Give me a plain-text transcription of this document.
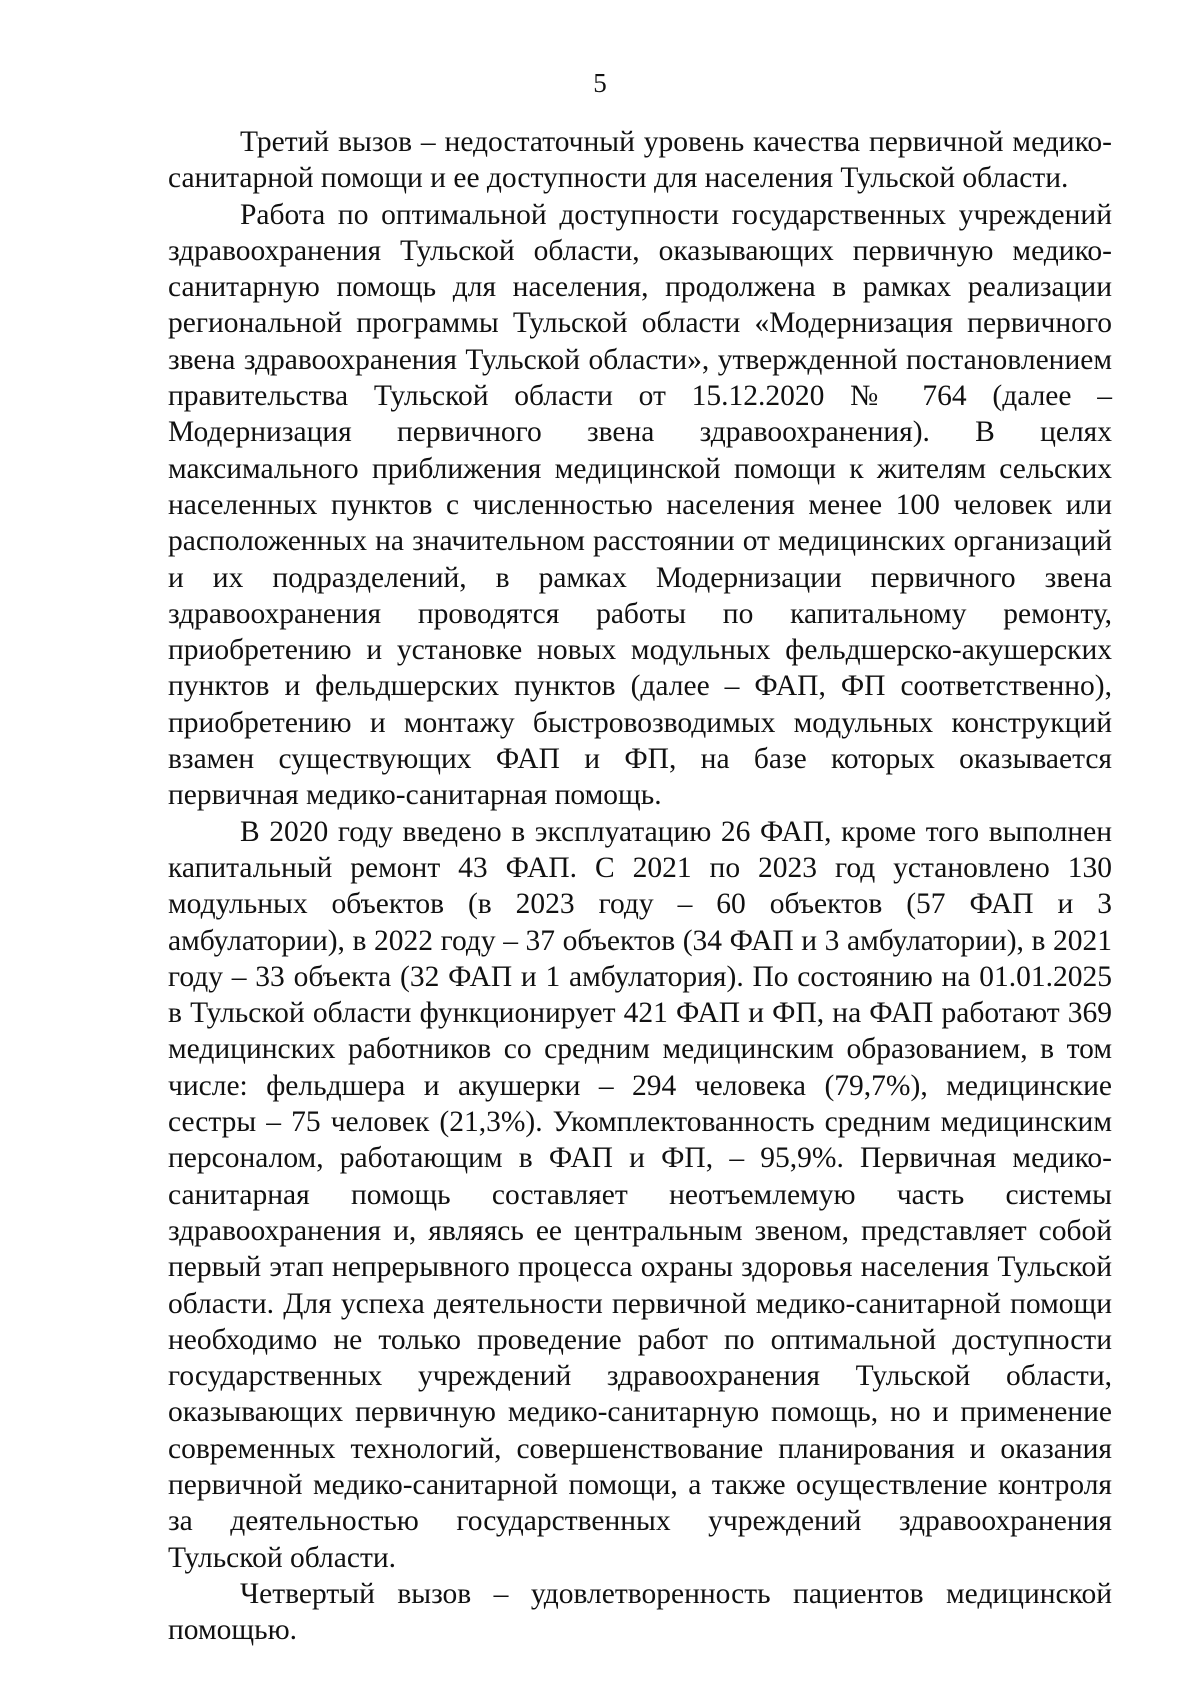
5

Третий вызов – недостаточный уровень качества первичной медико-санитарной помощи и ее доступности для населения Тульской области.

Работа по оптимальной доступности государственных учреждений здравоохранения Тульской области, оказывающих первичную медико-санитарную помощь для населения, продолжена в рамках реализации региональной программы Тульской области «Модернизация первичного звена здравоохранения Тульской области», утвержденной постановлением правительства Тульской области от 15.12.2020 № 764 (далее – Модернизация первичного звена здравоохранения). В целях максимального приближения медицинской помощи к жителям сельских населенных пунктов с численностью населения менее 100 человек или расположенных на значительном расстоянии от медицинских организаций и их подразделений, в рамках Модернизации первичного звена здравоохранения проводятся работы по капитальному ремонту, приобретению и установке новых модульных фельдшерско-акушерских пунктов и фельдшерских пунктов (далее – ФАП, ФП соответственно), приобретению и монтажу быстровозводимых модульных конструкций взамен существующих ФАП и ФП, на базе которых оказывается первичная медико-санитарная помощь.

В 2020 году введено в эксплуатацию 26 ФАП, кроме того выполнен капитальный ремонт 43 ФАП. С 2021 по 2023 год установлено 130 модульных объектов (в 2023 году – 60 объектов (57 ФАП и 3 амбулатории), в 2022 году – 37 объектов (34 ФАП и 3 амбулатории), в 2021 году – 33 объекта (32 ФАП и 1 амбулатория). По состоянию на 01.01.2025 в Тульской области функционирует 421 ФАП и ФП, на ФАП работают 369 медицинских работников со средним медицинским образованием, в том числе: фельдшера и акушерки – 294 человека (79,7%), медицинские сестры – 75 человек (21,3%). Укомплектованность средним медицинским персоналом, работающим в ФАП и ФП, – 95,9%. Первичная медико-санитарная помощь составляет неотъемлемую часть системы здравоохранения и, являясь ее центральным звеном, представляет собой первый этап непрерывного процесса охраны здоровья населения Тульской области. Для успеха деятельности первичной медико-санитарной помощи необходимо не только проведение работ по оптимальной доступности государственных учреждений здравоохранения Тульской области, оказывающих первичную медико-санитарную помощь, но и применение современных технологий, совершенствование планирования и оказания первичной медико-санитарной помощи, а также осуществление контроля за деятельностью государственных учреждений здравоохранения Тульской области.

Четвертый вызов – удовлетворенность пациентов медицинской помощью.
